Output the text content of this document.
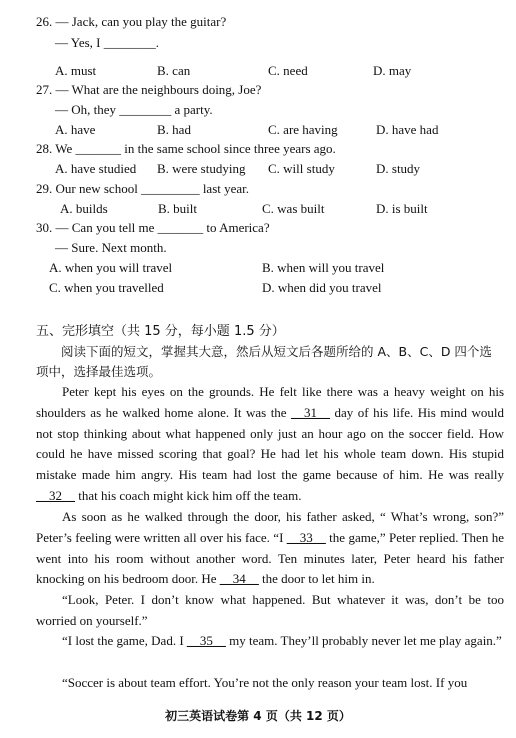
26. — Jack, can you play the guitar?
— Yes, I ________.
A. must	B. can	C. need	D. may
27. — What are the neighbours doing, Joe?
— Oh, they ________ a party.
A. have	B. had	C. are having	D. have had
28. We _______ in the same school since three years ago.
A. have studied B. were studying C. will study	D. study
29. Our new school _________ last year.
A. builds	B. built	C. was built	D. is built
30. — Can you tell me _______ to America?
— Sure. Next month.
A. when you will travel	B. when will you travel
C. when you travelled	D. when did you travel
五、完形填空（共 15 分，每小题 1.5 分）
阅读下面的短文，掌握其大意，然后从短文后各题所给的 A、B、C、D 四个选项中，选择最佳选项。
Peter kept his eyes on the grounds. He felt like there was a heavy weight on his shoulders as he walked home alone. It was the __31__ day of his life. His mind would not stop thinking about what happened only just an hour ago on the soccer field. How could he have missed scoring that goal? He had let his whole team down. His stupid mistake made him angry. His team had lost the game because of him. He was really __32__ that his coach might kick him off the team.
As soon as he walked through the door, his father asked, “ What’s wrong, son?” Peter’s feeling were written all over his face. “I __33__ the game,” Peter replied. Then he went into his room without another word. Ten minutes later, Peter heard his father knocking on his bedroom door. He __34__ the door to let him in.
“Look, Peter. I don’t know what happened. But whatever it was, don’t be too worried on yourself.”
“I lost the game, Dad. I __35__ my team. They’ll probably never let me play again.”
“Soccer is about team effort. You’re not the only reason your team lost. If you
初三英语试卷第 4 页（共 12 页）
